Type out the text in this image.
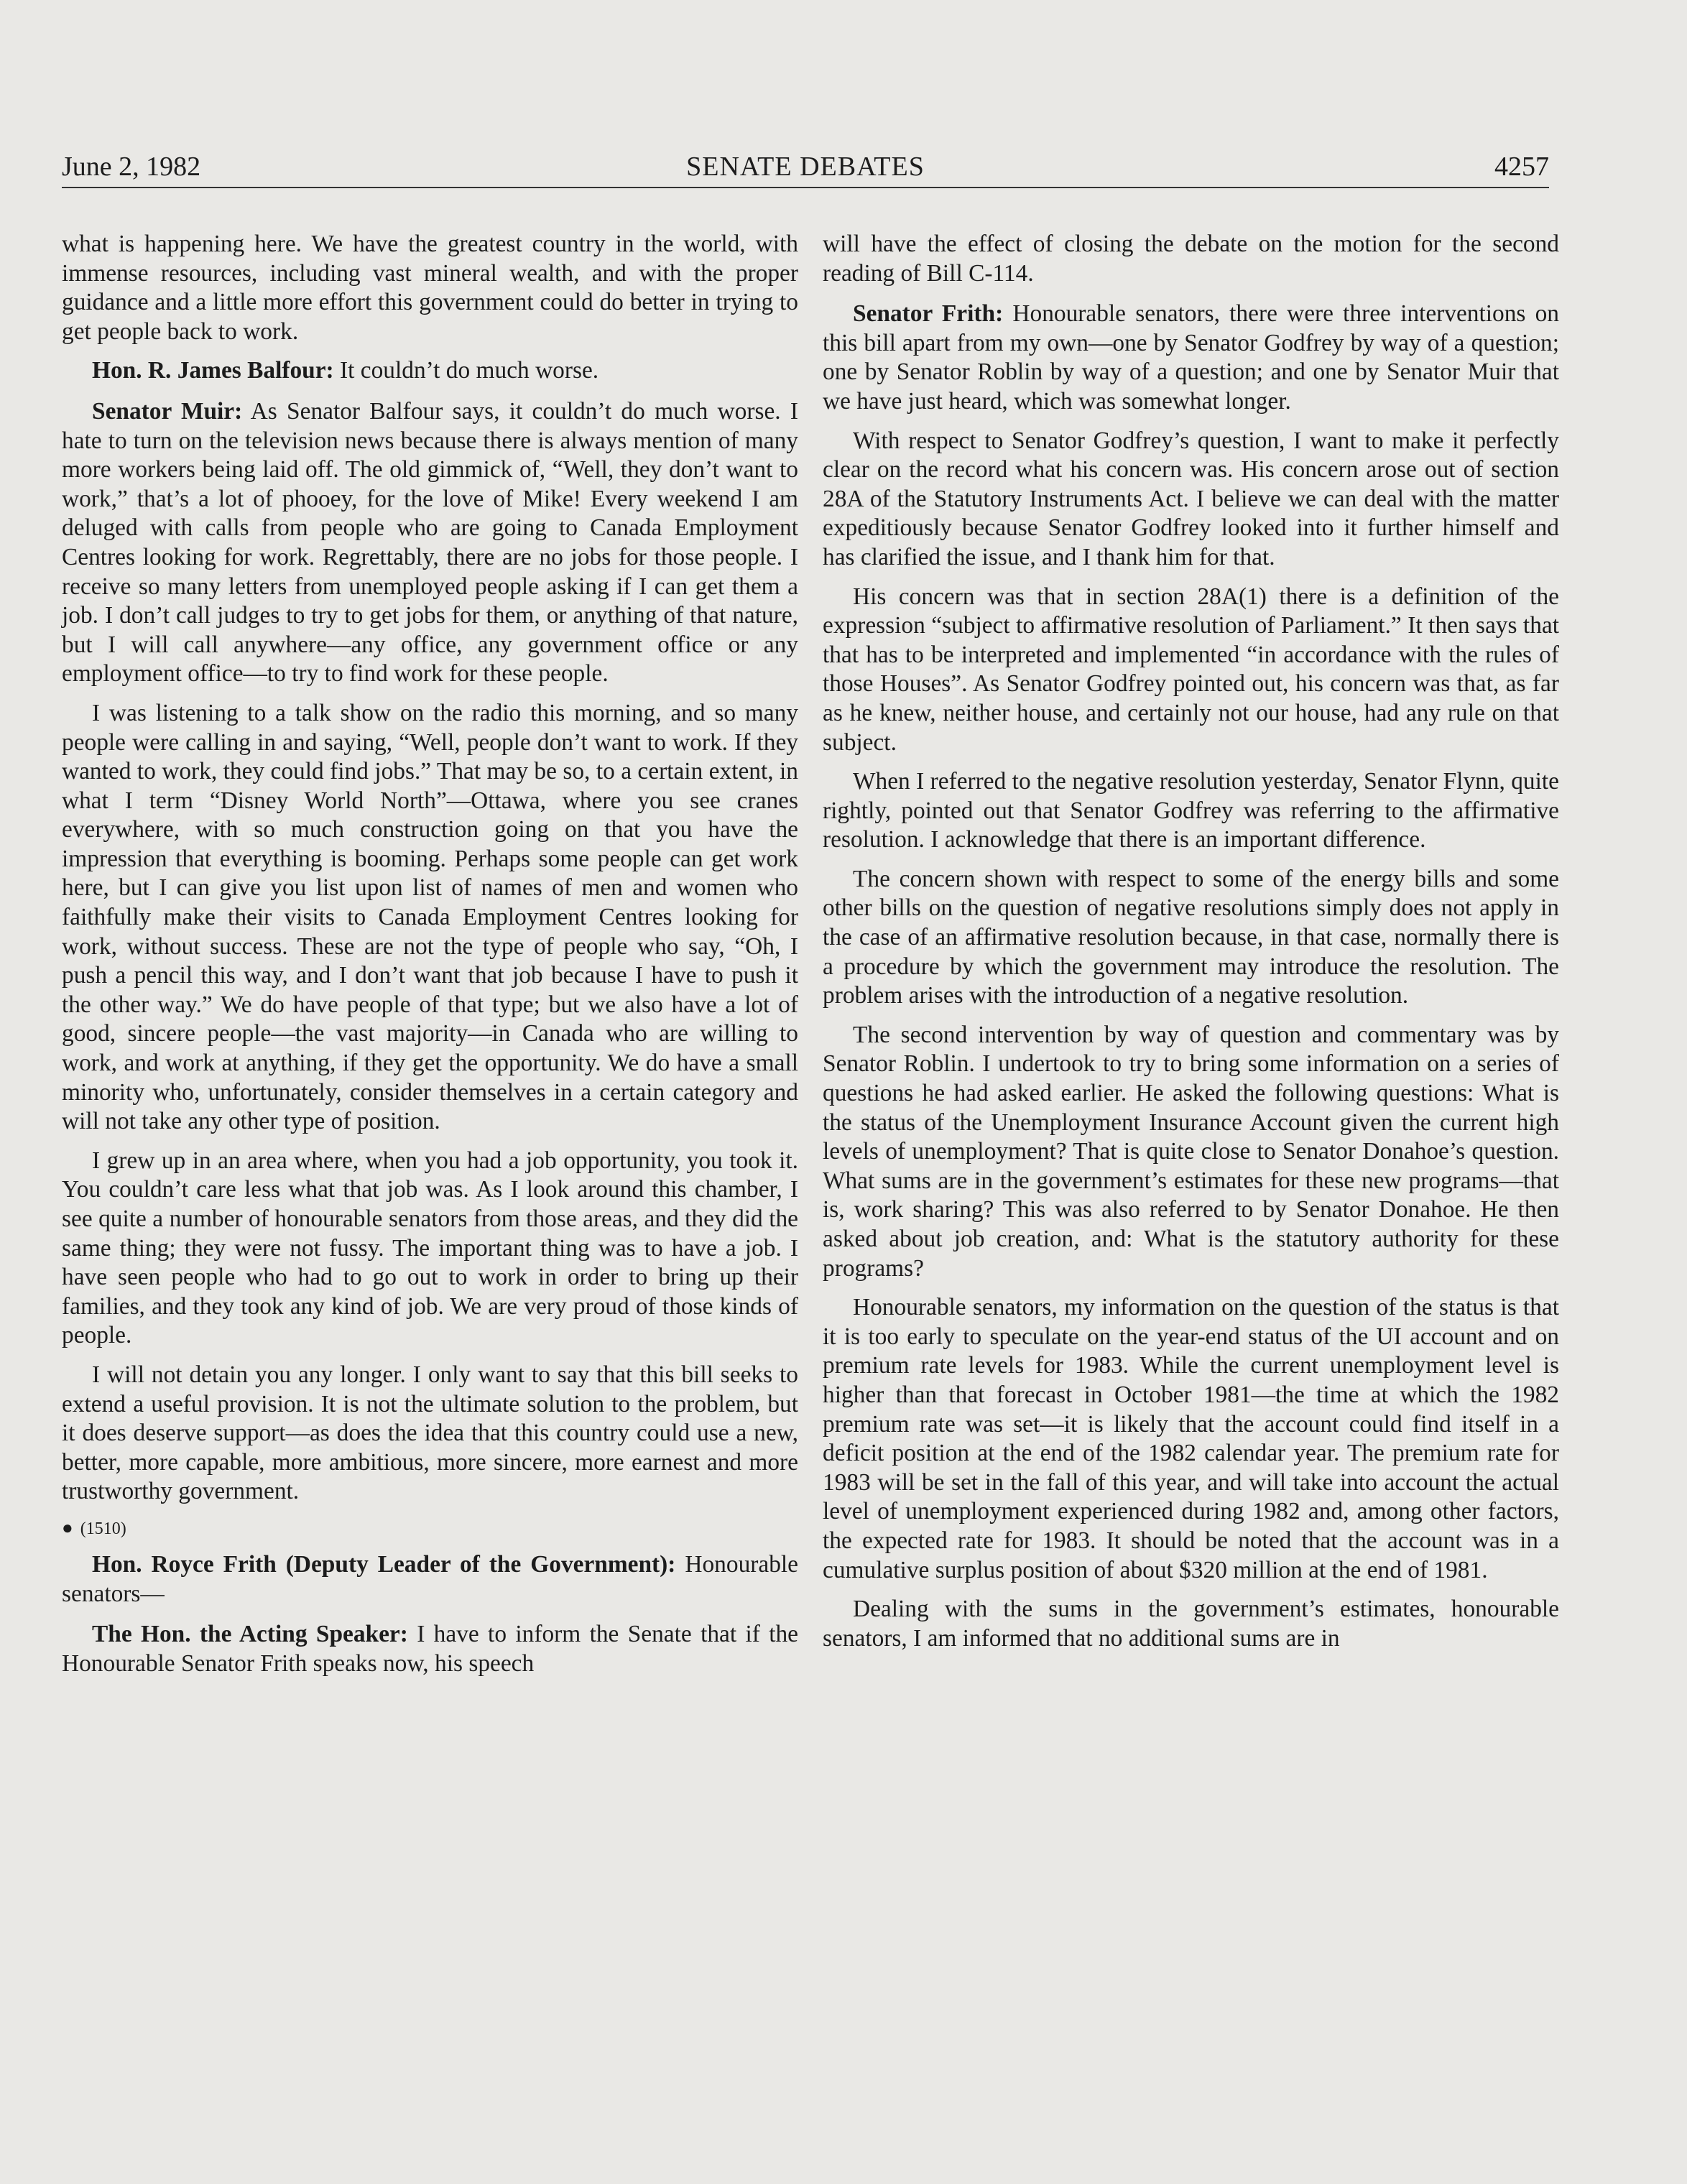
SENATE DEBATES
June 2, 1982	4257

what is happening here. We have the greatest country in the world, with immense resources, including vast mineral wealth, and with the proper guidance and a little more effort this government could do better in trying to get people back to work.

Hon. R. James Balfour: It couldn’t do much worse.

Senator Muir: As Senator Balfour says, it couldn’t do much worse. I hate to turn on the television news because there is always mention of many more workers being laid off. The old gimmick of, “Well, they don’t want to work,” that’s a lot of phooey, for the love of Mike! Every weekend I am deluged with calls from people who are going to Canada Employment Centres looking for work. Regrettably, there are no jobs for those people. I receive so many letters from unemployed people asking if I can get them a job. I don’t call judges to try to get jobs for them, or anything of that nature, but I will call anywhere—any office, any government office or any employment office—to try to find work for these people.

I was listening to a talk show on the radio this morning, and so many people were calling in and saying, “Well, people don’t want to work. If they wanted to work, they could find jobs.” That may be so, to a certain extent, in what I term “Disney World North”—Ottawa, where you see cranes everywhere, with so much construction going on that you have the impression that everything is booming. Perhaps some people can get work here, but I can give you list upon list of names of men and women who faithfully make their visits to Canada Employment Centres looking for work, without success. These are not the type of people who say, “Oh, I push a pencil this way, and I don’t want that job because I have to push it the other way.” We do have people of that type; but we also have a lot of good, sincere people—the vast majority—in Canada who are willing to work, and work at anything, if they get the opportunity. We do have a small minority who, unfortunately, consider themselves in a certain category and will not take any other type of position.

I grew up in an area where, when you had a job opportunity, you took it. You couldn’t care less what that job was. As I look around this chamber, I see quite a number of honourable senators from those areas, and they did the same thing; they were not fussy. The important thing was to have a job. I have seen people who had to go out to work in order to bring up their families, and they took any kind of job. We are very proud of those kinds of people.

I will not detain you any longer. I only want to say that this bill seeks to extend a useful provision. It is not the ultimate solution to the problem, but it does deserve support—as does the idea that this country could use a new, better, more capable, more ambitious, more sincere, more earnest and more trustworthy government.

● (1510)

Hon. Royce Frith (Deputy Leader of the Government): Honourable senators—

The Hon. the Acting Speaker: I have to inform the Senate that if the Honourable Senator Frith speaks now, his speech

will have the effect of closing the debate on the motion for the second reading of Bill C-114.

Senator Frith: Honourable senators, there were three interventions on this bill apart from my own—one by Senator Godfrey by way of a question; one by Senator Roblin by way of a question; and one by Senator Muir that we have just heard, which was somewhat longer.

With respect to Senator Godfrey’s question, I want to make it perfectly clear on the record what his concern was. His concern arose out of section 28A of the Statutory Instruments Act. I believe we can deal with the matter expeditiously because Senator Godfrey looked into it further himself and has clarified the issue, and I thank him for that.

His concern was that in section 28A(1) there is a definition of the expression “subject to affirmative resolution of Parliament.” It then says that that has to be interpreted and implemented “in accordance with the rules of those Houses”. As Senator Godfrey pointed out, his concern was that, as far as he knew, neither house, and certainly not our house, had any rule on that subject.

When I referred to the negative resolution yesterday, Senator Flynn, quite rightly, pointed out that Senator Godfrey was referring to the affirmative resolution. I acknowledge that there is an important difference.

The concern shown with respect to some of the energy bills and some other bills on the question of negative resolutions simply does not apply in the case of an affirmative resolution because, in that case, normally there is a procedure by which the government may introduce the resolution. The problem arises with the introduction of a negative resolution.

The second intervention by way of question and commentary was by Senator Roblin. I undertook to try to bring some information on a series of questions he had asked earlier. He asked the following questions: What is the status of the Unemployment Insurance Account given the current high levels of unemployment? That is quite close to Senator Donahoe’s question. What sums are in the government’s estimates for these new programs—that is, work sharing? This was also referred to by Senator Donahoe. He then asked about job creation, and: What is the statutory authority for these programs?

Honourable senators, my information on the question of the status is that it is too early to speculate on the year-end status of the UI account and on premium rate levels for 1983. While the current unemployment level is higher than that forecast in October 1981—the time at which the 1982 premium rate was set—it is likely that the account could find itself in a deficit position at the end of the 1982 calendar year. The premium rate for 1983 will be set in the fall of this year, and will take into account the actual level of unemployment experienced during 1982 and, among other factors, the expected rate for 1983. It should be noted that the account was in a cumulative surplus position of about $320 million at the end of 1981.

Dealing with the sums in the government’s estimates, honourable senators, I am informed that no additional sums are in
